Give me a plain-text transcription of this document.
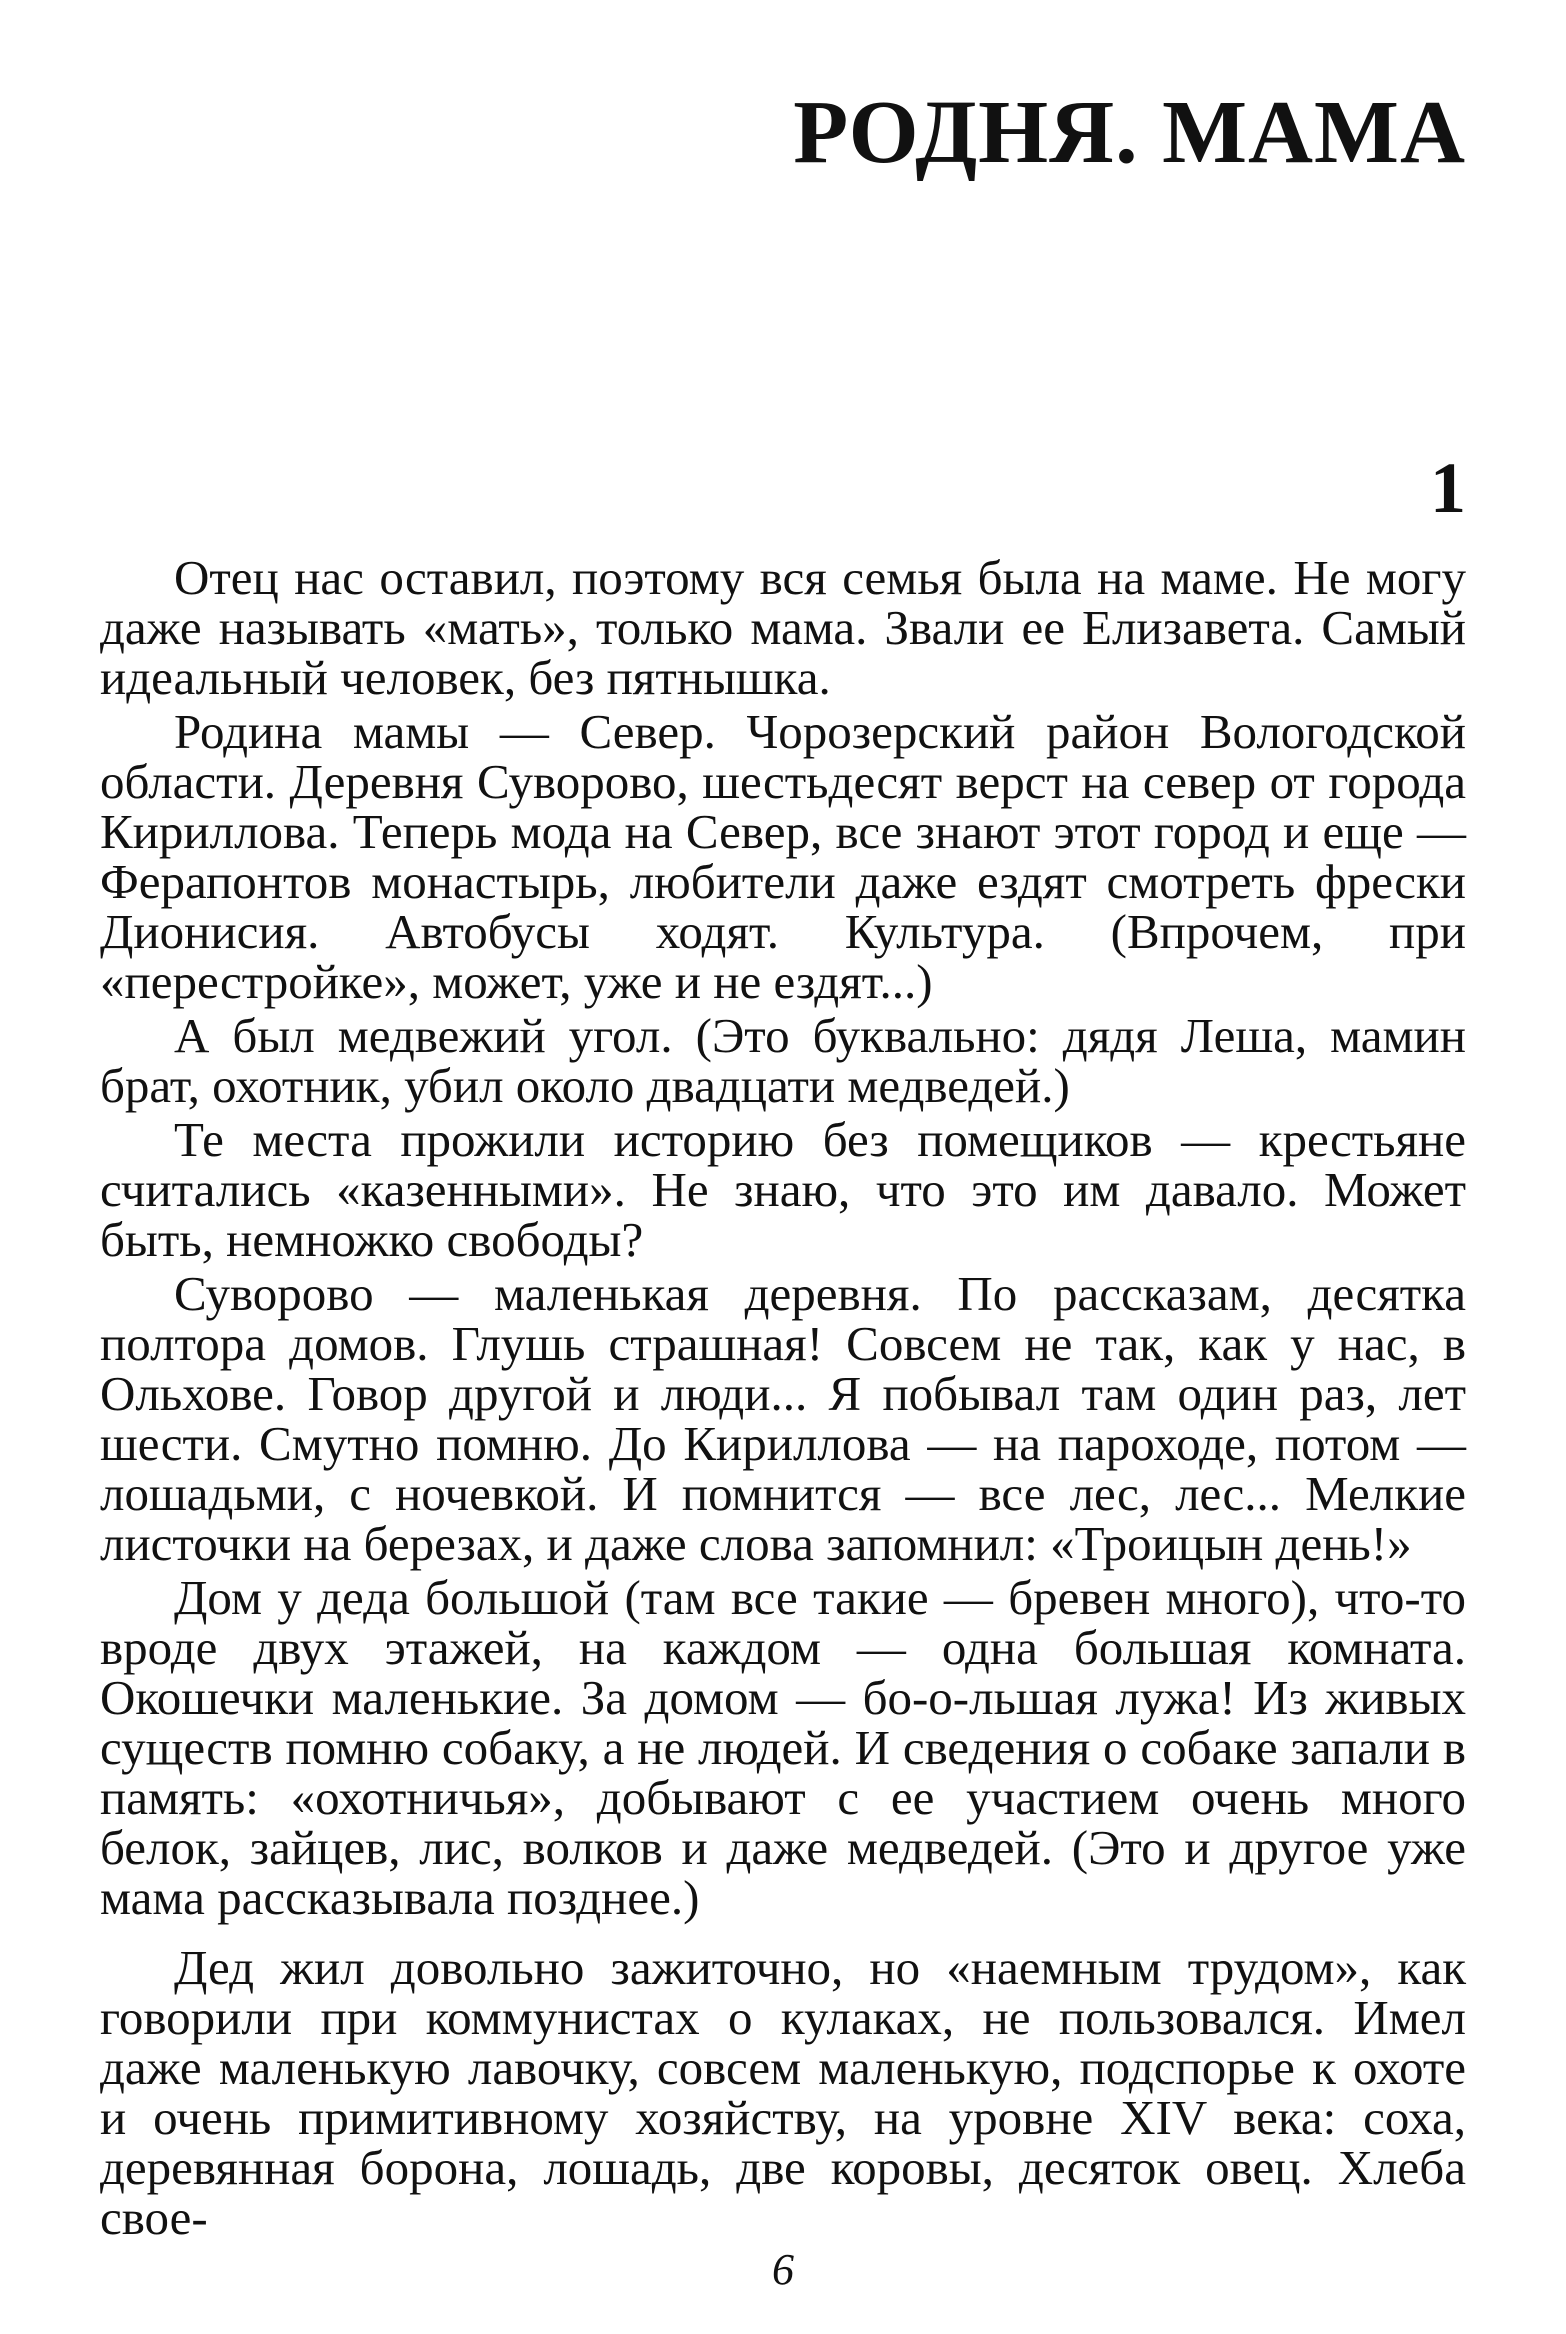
РОДНЯ. МАМА
1

Отец нас оставил, поэтому вся семья была на маме. Не могу даже называть «мать», только мама. Звали ее Елизавета. Самый идеальный человек, без пятнышка.

Родина мамы — Север. Чорозерский район Вологодской области. Деревня Суворово, шестьдесят верст на север от города Кириллова. Теперь мода на Север, все знают этот город и еще — Ферапонтов монастырь, любители даже ездят смотреть фрески Дионисия. Автобусы ходят. Культура. (Впрочем, при «перестройке», может, уже и не ездят...)

А был медвежий угол. (Это буквально: дядя Леша, мамин брат, охотник, убил около двадцати медведей.)

Те места прожили историю без помещиков — крестьяне считались «казенными». Не знаю, что это им давало. Может быть, немножко свободы?

Суворово — маленькая деревня. По рассказам, десятка полтора домов. Глушь страшная! Совсем не так, как у нас, в Ольхове. Говор другой и люди... Я побывал там один раз, лет шести. Смутно помню. До Кириллова — на пароходе, потом — лошадьми, с ночевкой. И помнится — все лес, лес... Мелкие листочки на березах, и даже слова запомнил: «Троицын день!»

Дом у деда большой (там все такие — бревен много), что-то вроде двух этажей, на каждом — одна большая комната. Окошечки маленькие. За домом — бо-о-льшая лужа! Из живых существ помню собаку, а не людей. И сведения о собаке запали в память: «охотничья», добывают с ее участием очень много белок, зайцев, лис, волков и даже медведей. (Это и другое уже мама рассказывала позднее.)

Дед жил довольно зажиточно, но «наемным трудом», как говорили при коммунистах о кулаках, не пользовался. Имел даже маленькую лавочку, совсем маленькую, подспорье к охоте и очень примитивному хозяйству, на уровне XIV века: соха, деревянная борона, лошадь, две коровы, десяток овец. Хлеба свое-

6
